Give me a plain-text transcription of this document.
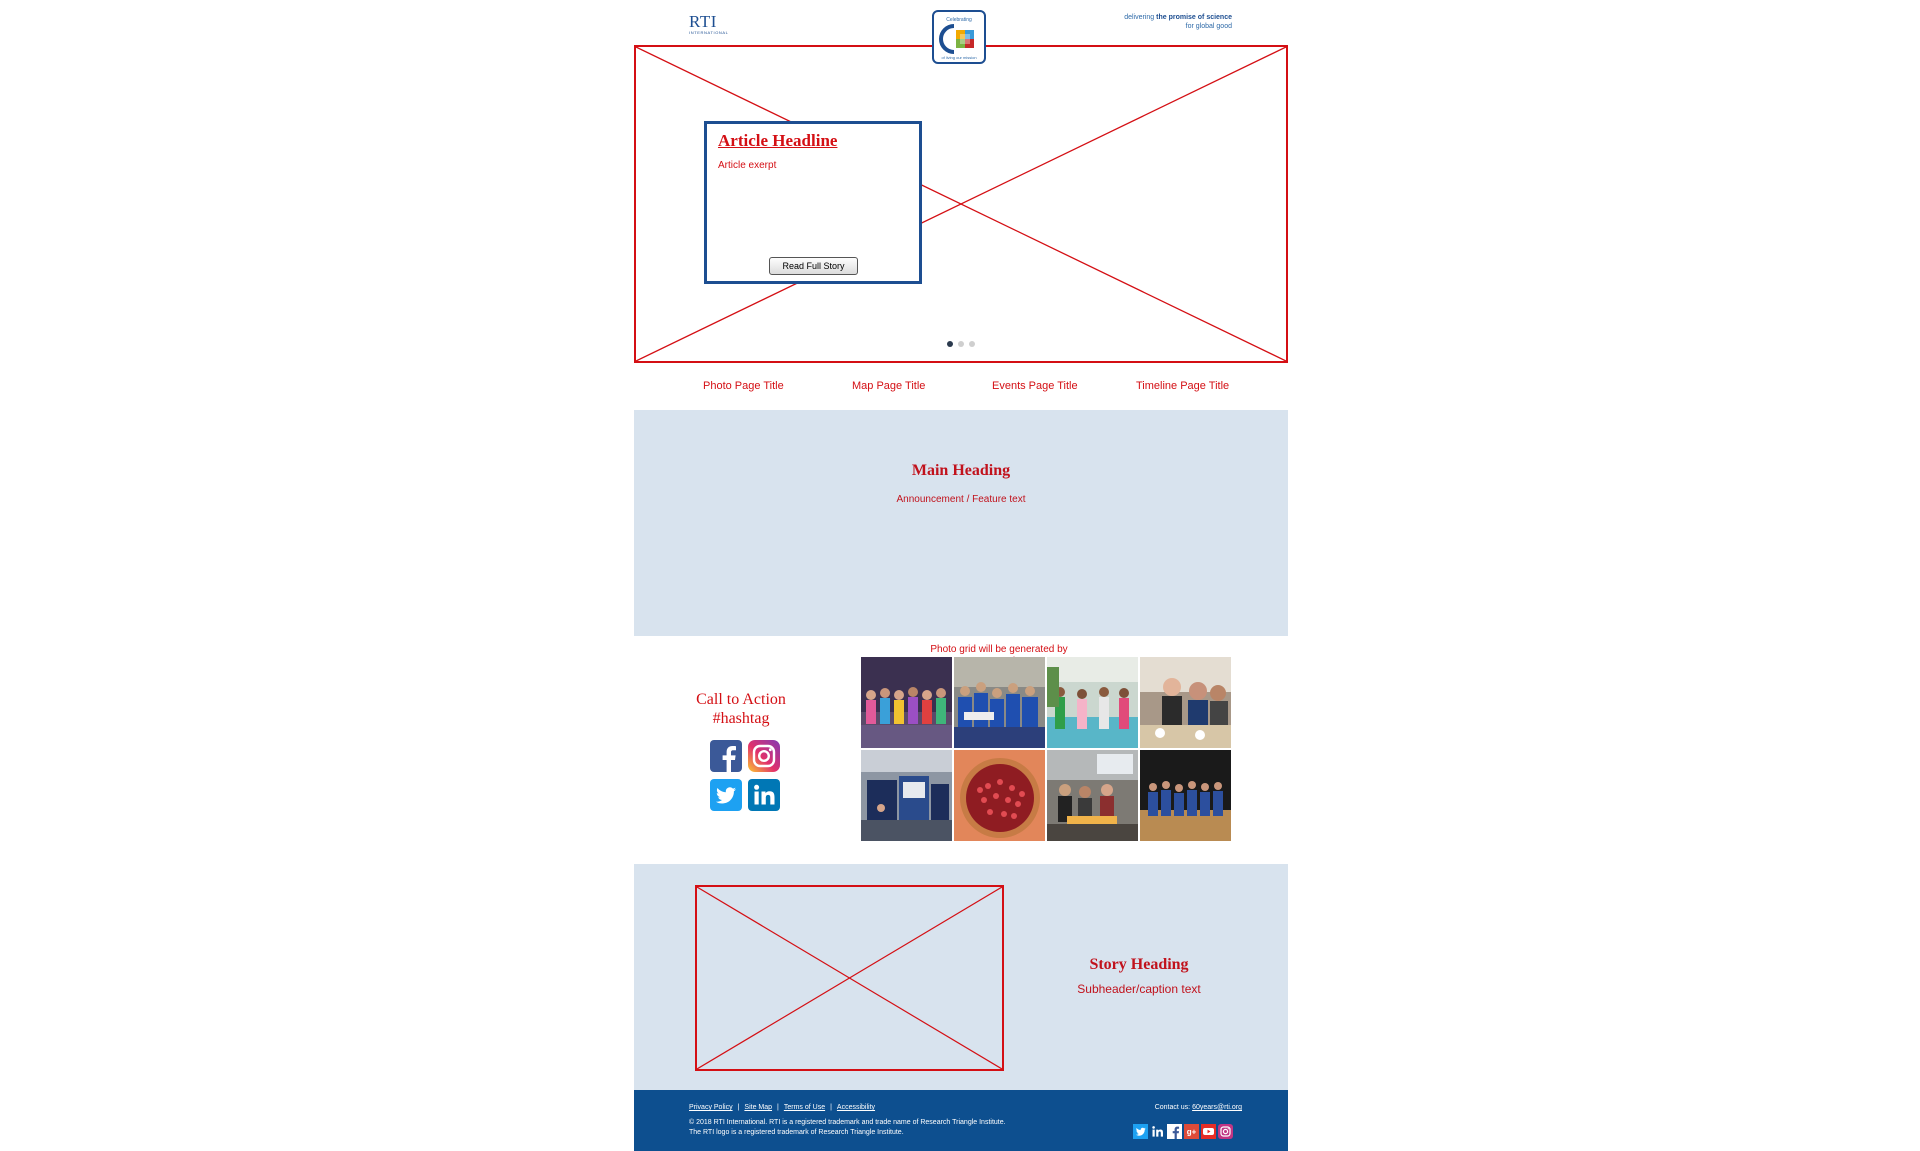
RTI
INTERNATIONAL
Celebrating
of living our mission
delivering the promise of science
for global good
Article Headline
Article exerpt
Read Full Story
Photo Page Title	Map Page Title	Events Page Title	Timeline Page Title
Main Heading
Announcement / Feature text
Call to Action
#hashtag
Photo grid will be generated by

Story Heading
Subheader/caption text
Privacy Policy | Site Map | Terms of Use | Accessibility
© 2018 RTI International. RTI is a registered trademark and trade name of Research Triangle Institute.
The RTI logo is a registered trademark of Research Triangle Institute.
Contact us: 60years@rti.org
g+
